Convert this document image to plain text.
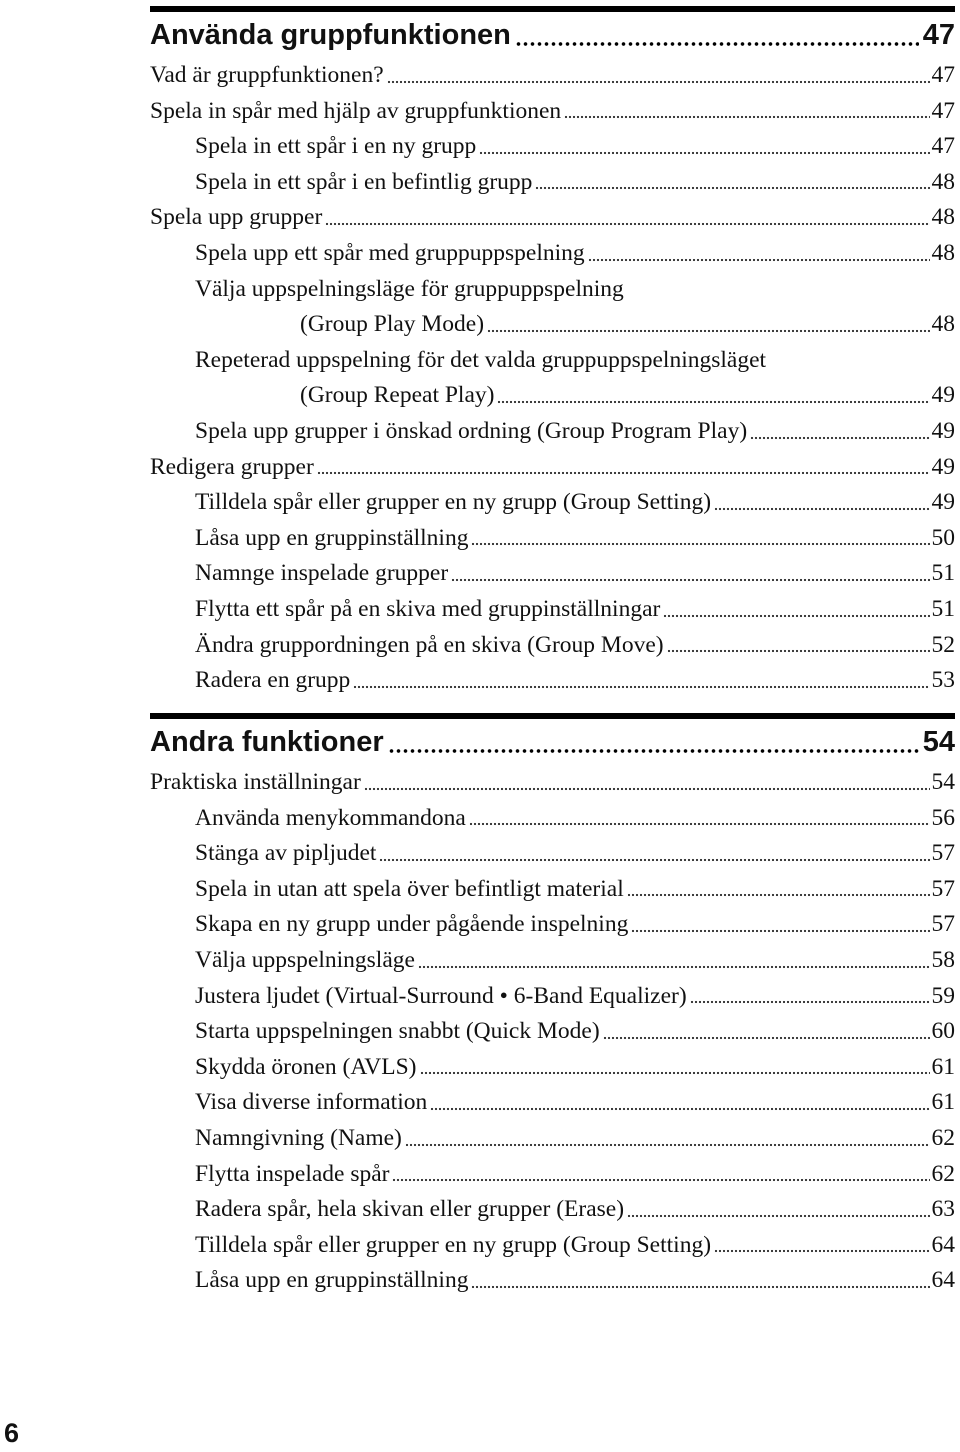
Använda gruppfunktionen	47
Vad är gruppfunktionen?	47
Spela in spår med hjälp av gruppfunktionen	47
Spela in ett spår i en ny grupp	47
Spela in ett spår i en befintlig grupp	48
Spela upp grupper	48
Spela upp ett spår med gruppuppspelning	48
Välja uppspelningsläge för gruppuppspelning
(Group Play Mode)	48
Repeterad uppspelning för det valda gruppuppspelningsläget
(Group Repeat Play)	49
Spela upp grupper i önskad ordning (Group Program Play)	49
Redigera grupper	49
Tilldela spår eller grupper en ny grupp (Group Setting)	49
Låsa upp en gruppinställning	50
Namnge inspelade grupper	51
Flytta ett spår på en skiva med gruppinställningar	51
Ändra gruppordningen på en skiva (Group Move)	52
Radera en grupp	53
Andra funktioner	54
Praktiska inställningar	54
Använda menykommandona	56
Stänga av pipljudet	57
Spela in utan att spela över befintligt material	57
Skapa en ny grupp under pågående inspelning	57
Välja uppspelningsläge	58
Justera ljudet (Virtual-Surround • 6-Band Equalizer)	59
Starta uppspelningen snabbt (Quick Mode)	60
Skydda öronen (AVLS)	61
Visa diverse information	61
Namngivning (Name)	62
Flytta inspelade spår	62
Radera spår, hela skivan eller grupper (Erase)	63
Tilldela spår eller grupper en ny grupp (Group Setting)	64
Låsa upp en gruppinställning	64
6
